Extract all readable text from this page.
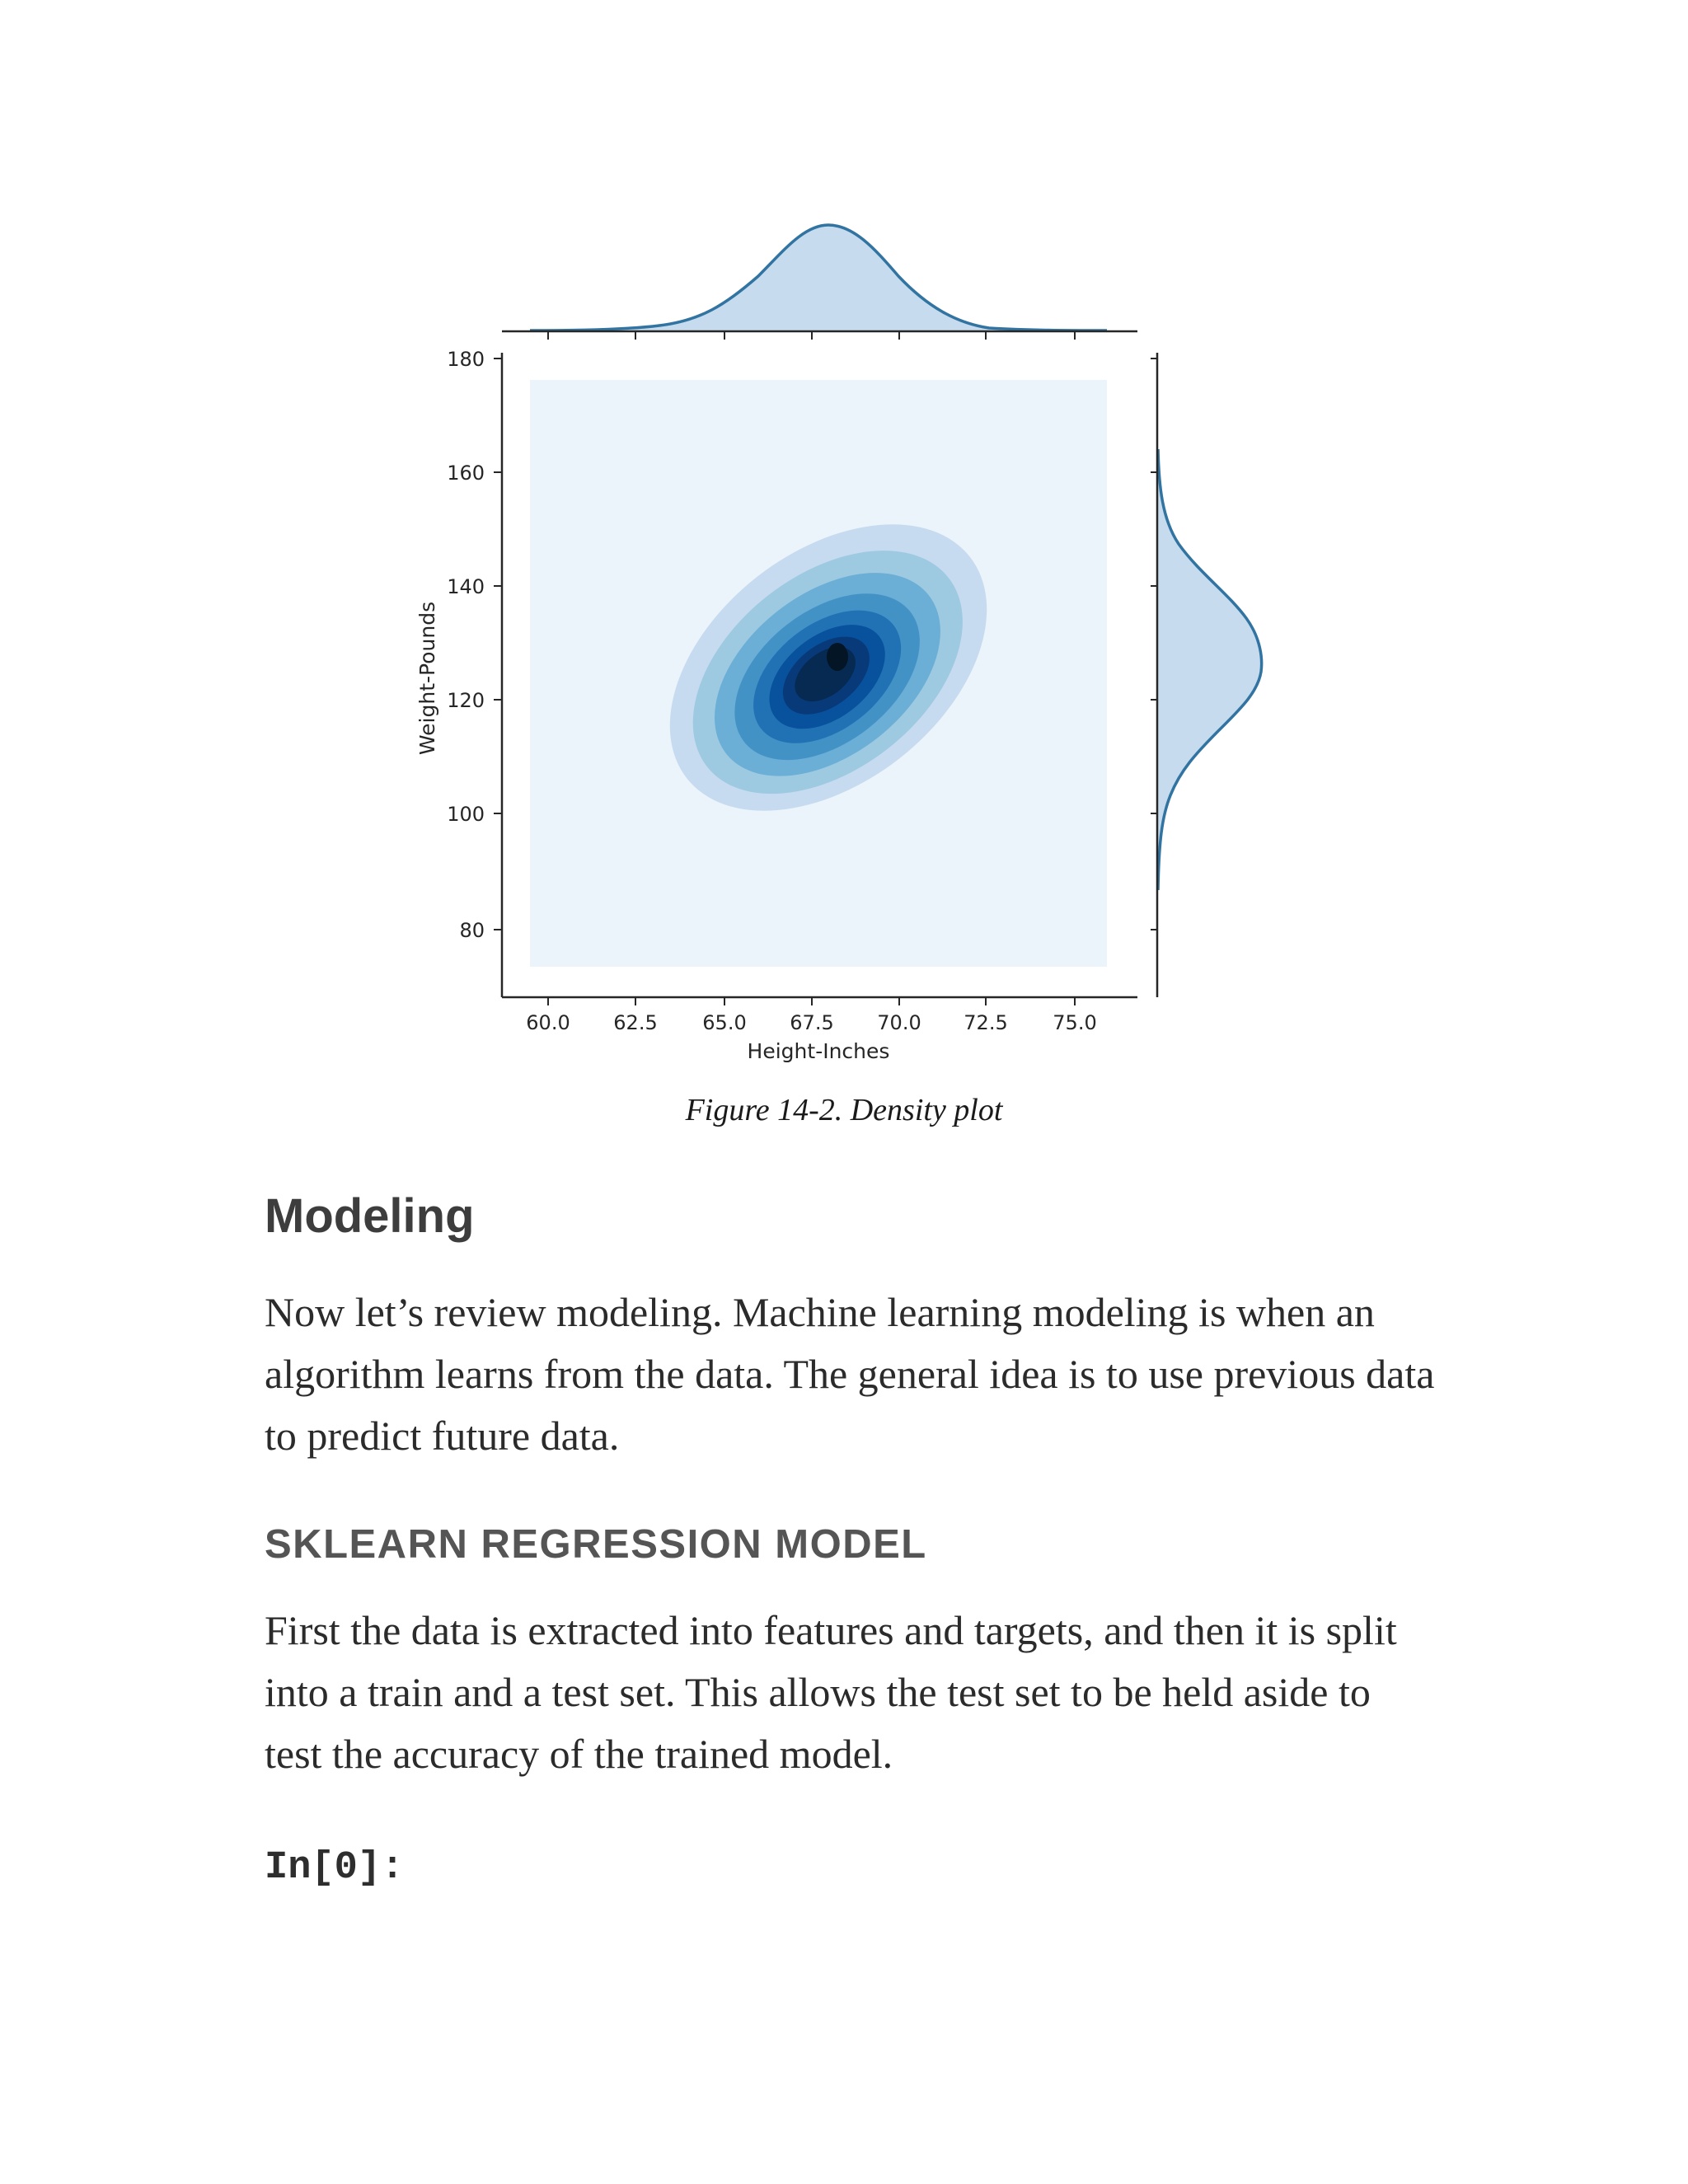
180
160
140
120
100
80
60.0 62.5 65.0 67.5 70.0 72.5 75.0
Height-Inches
Weight-Pounds
Figure 14-2. Density plot
Modeling

Now let’s review modeling. Machine learning modeling is when an algorithm learns from the data. The general idea is to use previous data to predict future data.

SKLEARN REGRESSION MODEL

First the data is extracted into features and targets, and then it is split into a train and a test set. This allows the test set to be held aside to test the accuracy of the trained model.

In[0]:
